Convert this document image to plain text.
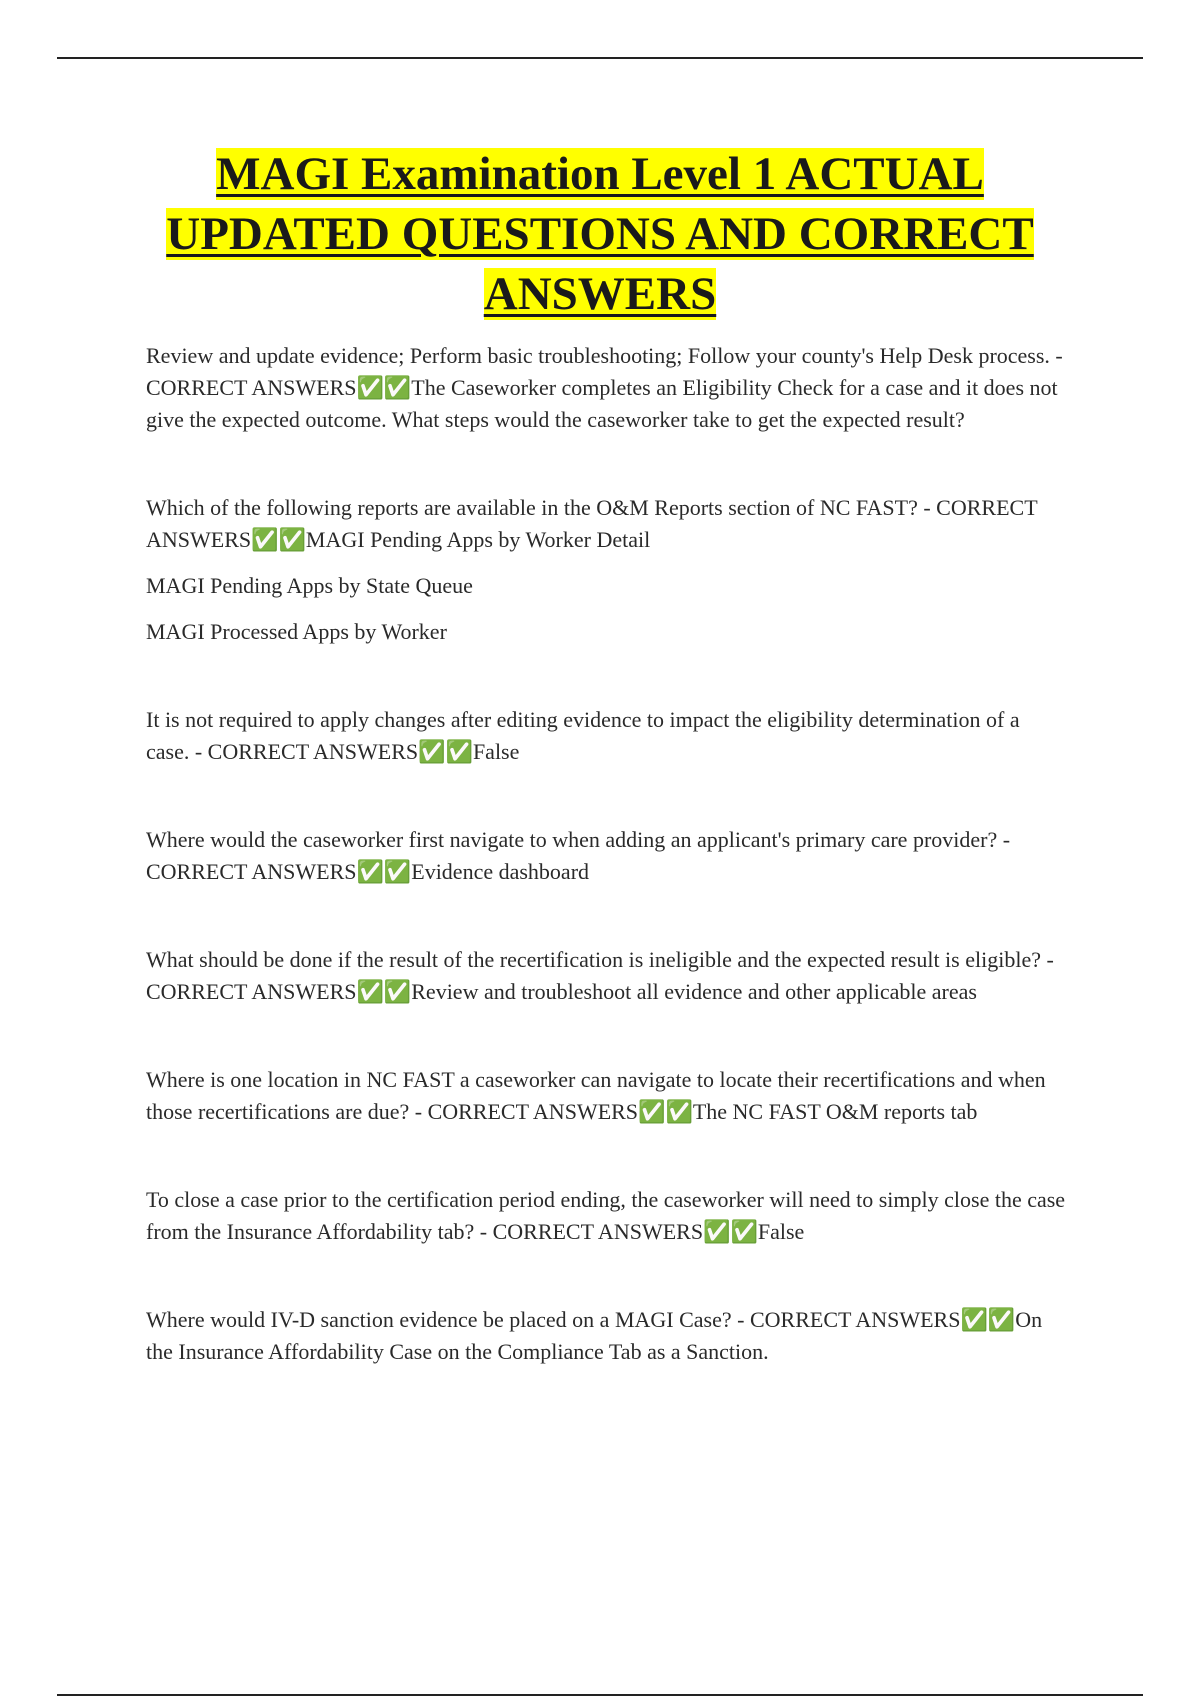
MAGI Examination Level 1 ACTUAL UPDATED QUESTIONS AND CORRECT ANSWERS

Review and update evidence; Perform basic troubleshooting; Follow your county's Help Desk process. - CORRECT ANSWERS✅✅The Caseworker completes an Eligibility Check for a case and it does not give the expected outcome. What steps would the caseworker take to get the expected result?

Which of the following reports are available in the O&M Reports section of NC FAST? - CORRECT ANSWERS✅✅MAGI Pending Apps by Worker Detail

MAGI Pending Apps by State Queue

MAGI Processed Apps by Worker

It is not required to apply changes after editing evidence to impact the eligibility determination of a case. - CORRECT ANSWERS✅✅False

Where would the caseworker first navigate to when adding an applicant's primary care provider? - CORRECT ANSWERS✅✅Evidence dashboard

What should be done if the result of the recertification is ineligible and the expected result is eligible? - CORRECT ANSWERS✅✅Review and troubleshoot all evidence and other applicable areas

Where is one location in NC FAST a caseworker can navigate to locate their recertifications and when those recertifications are due? - CORRECT ANSWERS✅✅The NC FAST O&M reports tab

To close a case prior to the certification period ending, the caseworker will need to simply close the case from the Insurance Affordability tab? - CORRECT ANSWERS✅✅False

Where would IV-D sanction evidence be placed on a MAGI Case? - CORRECT ANSWERS✅✅On the Insurance Affordability Case on the Compliance Tab as a Sanction.
